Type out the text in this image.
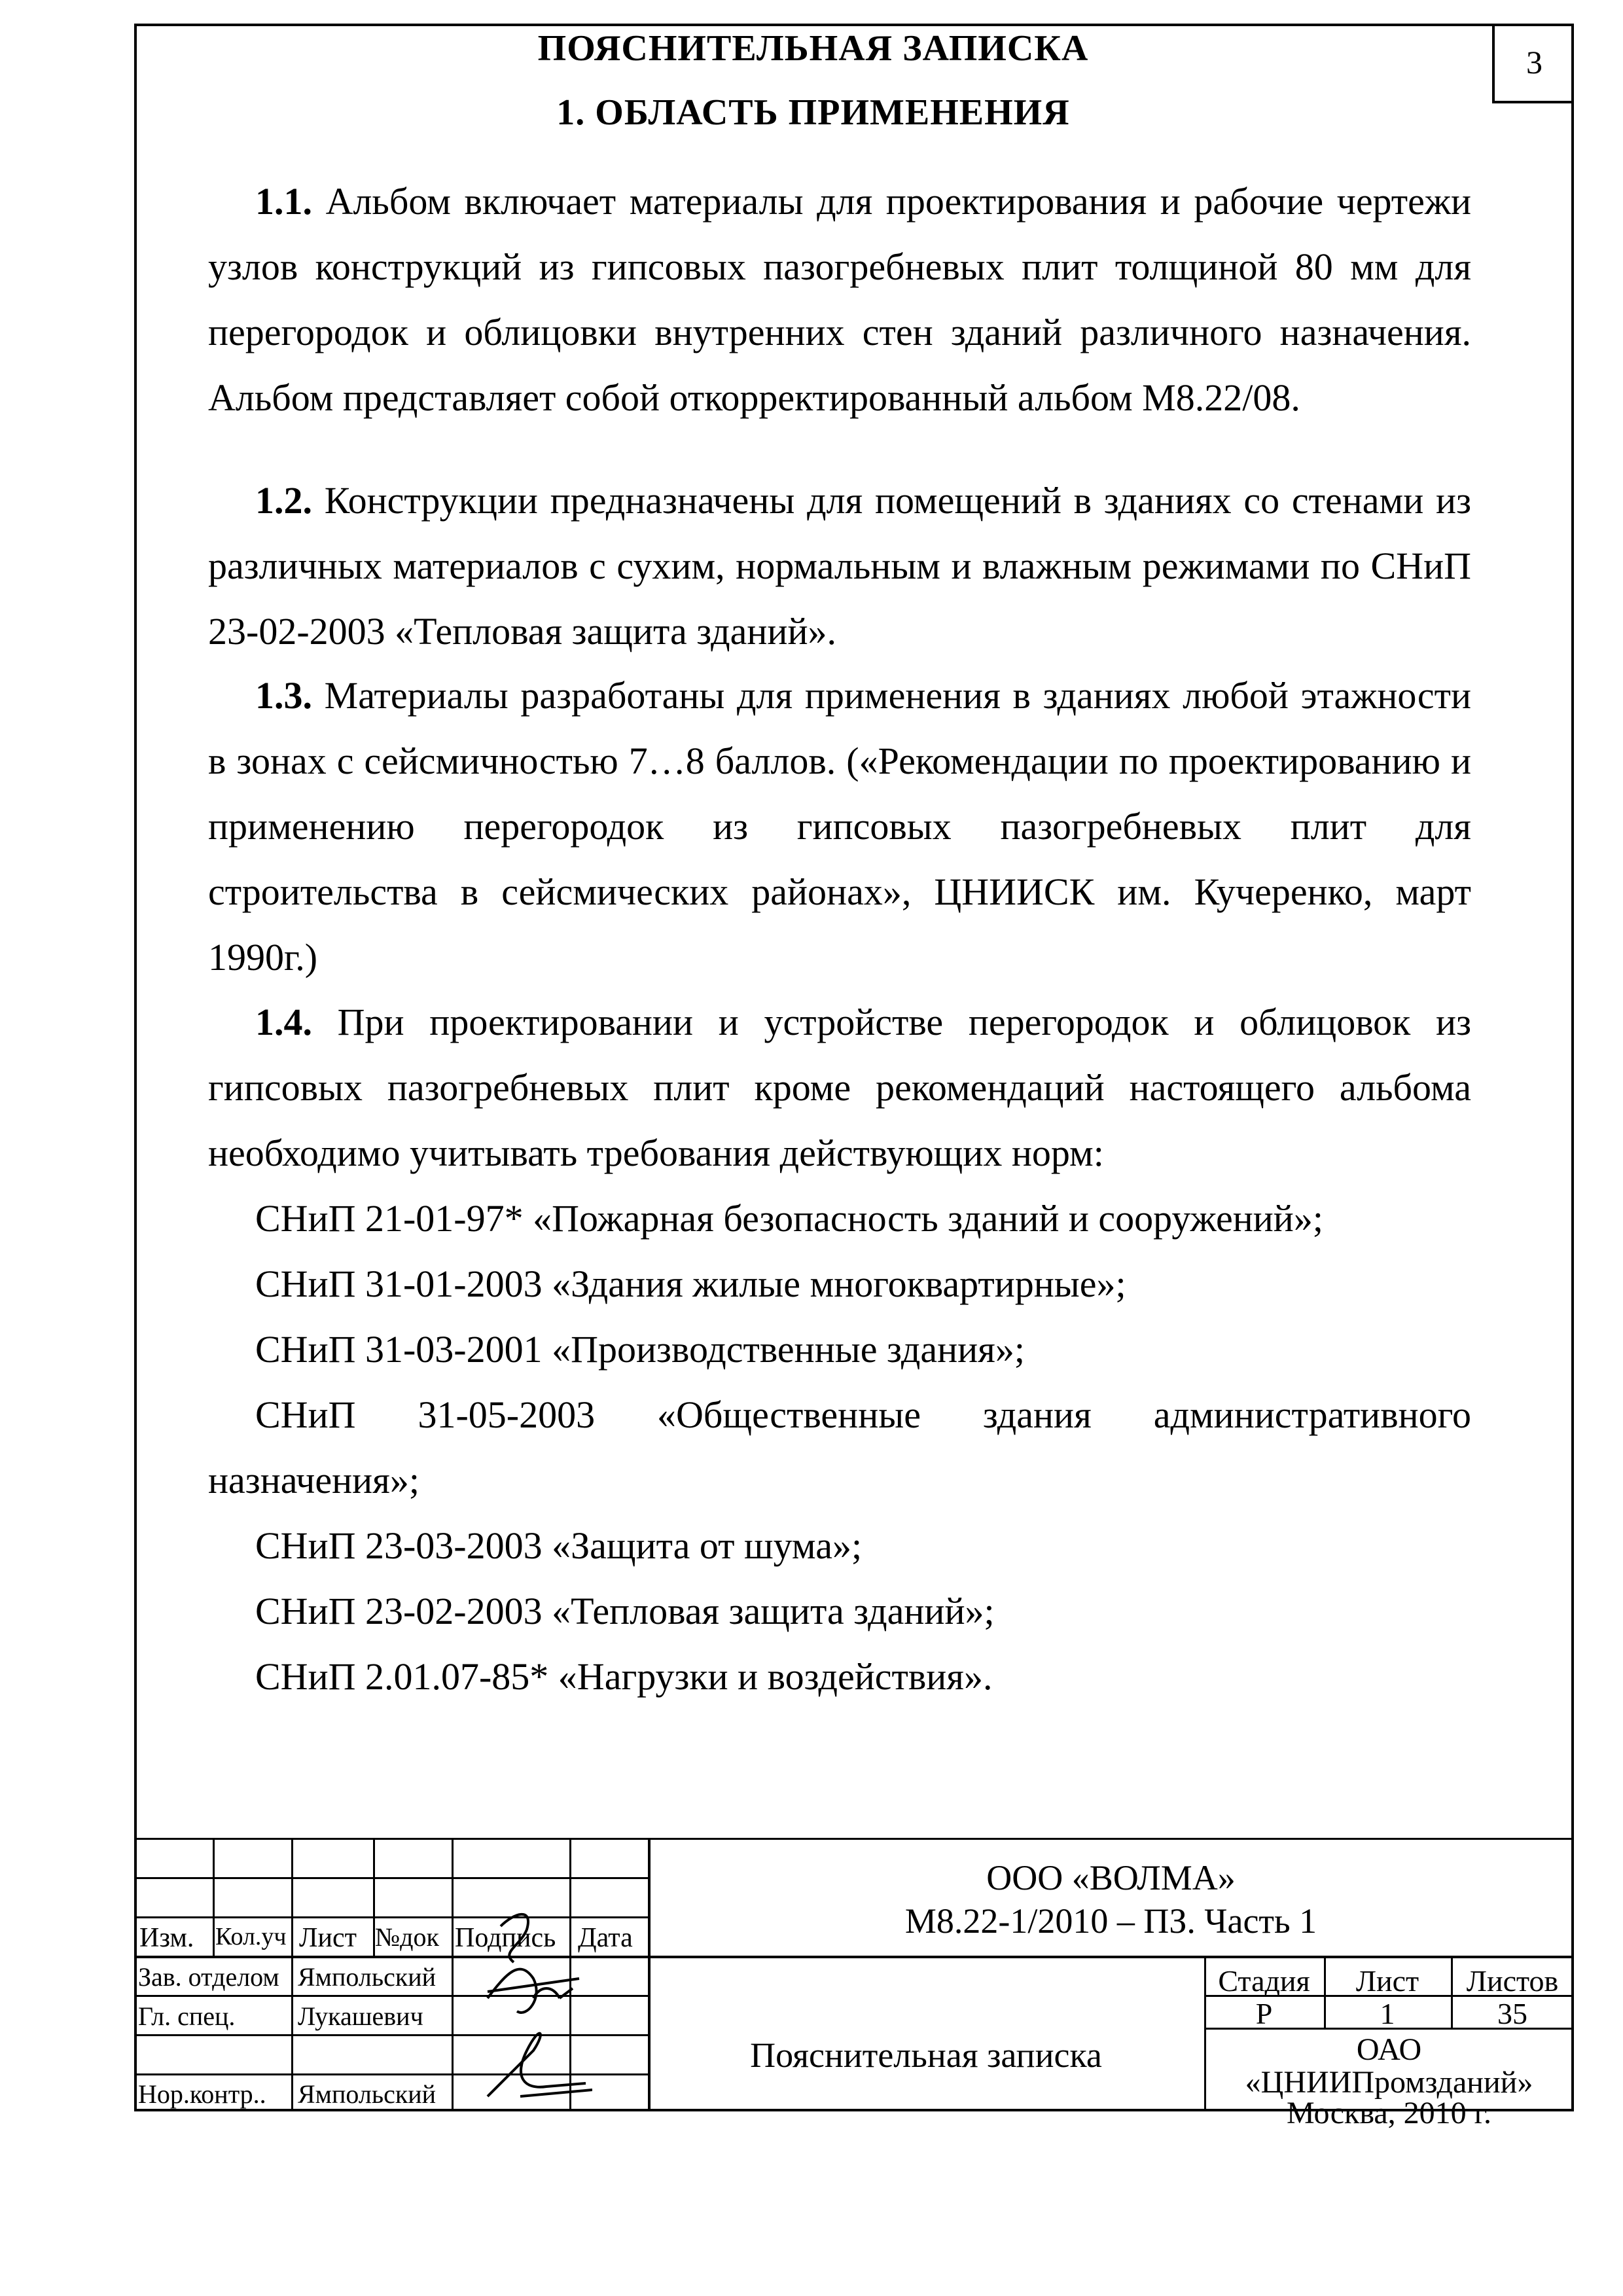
3
ПОЯСНИТЕЛЬНАЯ ЗАПИСКА
1. ОБЛАСТЬ ПРИМЕНЕНИЯ

1.1. Альбом включает материалы для проектирования и рабочие чертежи узлов конструкций из гипсовых пазогребневых плит толщиной 80 мм для перегородок и облицовки внутренних стен зданий различного назначения. Альбом представляет собой откорректированный альбом М8.22/08.

1.2. Конструкции предназначены для помещений в зданиях со стенами из различных материалов с сухим, нормальным и влажным режимами по СНиП 23-02-2003 «Тепловая защита зданий».

1.3. Материалы разработаны для применения в зданиях любой этажности в зонах с сейсмичностью 7…8 баллов. («Рекомендации по проектированию и применению перегородок из гипсовых пазогребневых плит для строительства в сейсмических районах», ЦНИИСК им. Кучеренко, март 1990г.)

1.4. При проектировании и устройстве перегородок и облицовок из гипсовых пазогребневых плит кроме рекомендаций настоящего альбома необходимо учитывать требования действующих норм:

СНиП 21-01-97* «Пожарная безопасность зданий и сооружений»;

СНиП 31-01-2003 «Здания жилые многоквартирные»;

СНиП 31-03-2001 «Производственные здания»;

СНиП 31-05-2003 «Общественные здания административного назначения»;

СНиП 23-03-2003 «Защита от шума»;

СНиП 23-02-2003 «Тепловая защита зданий»;

СНиП 2.01.07-85* «Нагрузки и воздействия».

Изм. Кол.уч Лист №док Подпись Дата
Зав. отделом Ямпольский
Гл. спец. Лукашевич
Нор.контр.. Ямпольский
ООО «ВОЛМА»
М8.22-1/2010 – ПЗ. Часть 1
Пояснительная записка
Стадия	Лист	Листов
Р	1	35
ОАО
«ЦНИИПромзданий»
Москва, 2010 г.
